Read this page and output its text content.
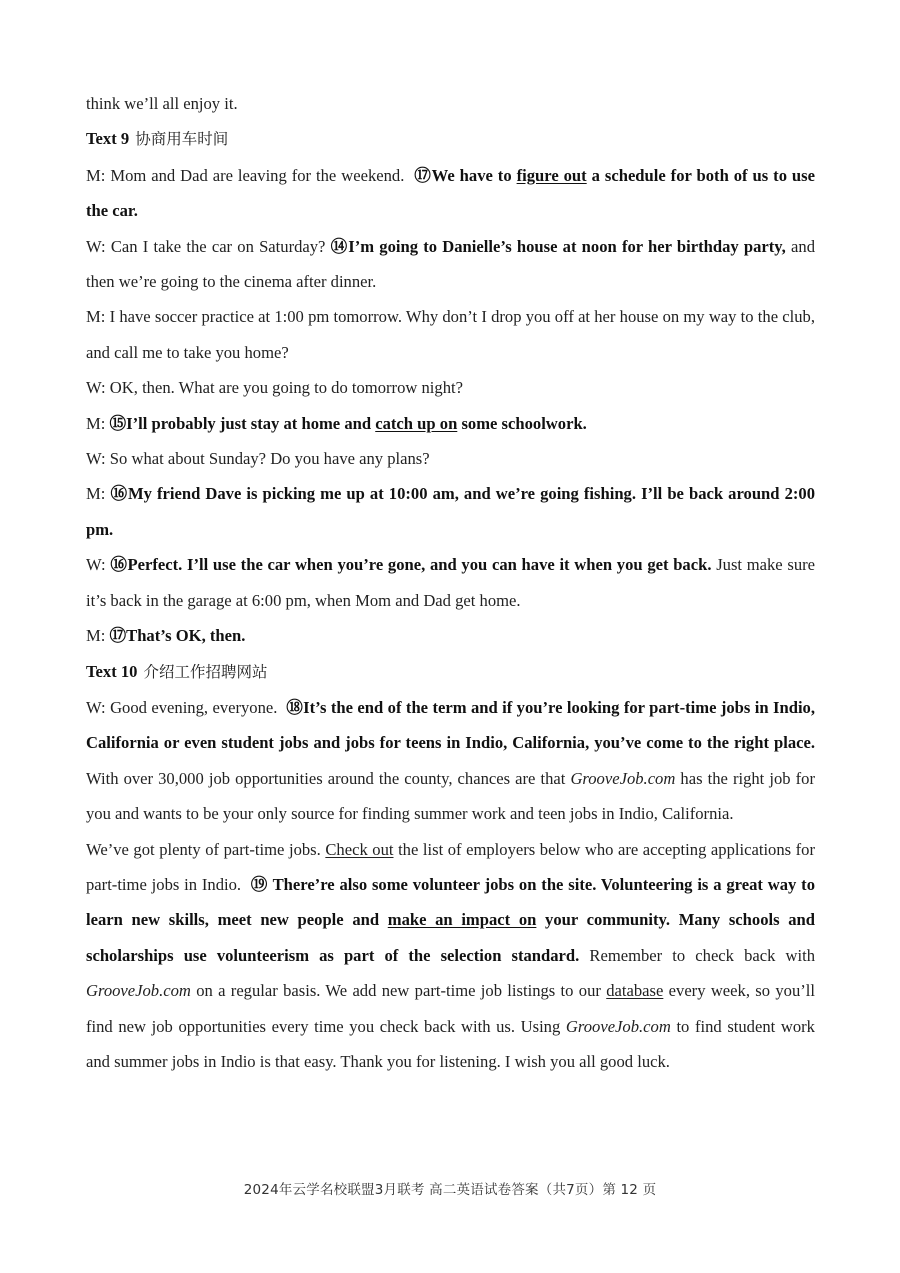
think we’ll all enjoy it.

Text 9 协商用车时间

M: Mom and Dad are leaving for the weekend. ⑰We have to figure out a schedule for both of us to use the car.

W: Can I take the car on Saturday? ⑭I’m going to Danielle’s house at noon for her birthday party, and then we’re going to the cinema after dinner.

M: I have soccer practice at 1:00 pm tomorrow. Why don’t I drop you off at her house on my way to the club, and call me to take you home?

W: OK, then. What are you going to do tomorrow night?

M: ⑮I’ll probably just stay at home and catch up on some schoolwork.

W: So what about Sunday? Do you have any plans?

M: ⑯My friend Dave is picking me up at 10:00 am, and we’re going fishing. I’ll be back around 2:00 pm.

W: ⑯Perfect. I’ll use the car when you’re gone, and you can have it when you get back. Just make sure it’s back in the garage at 6:00 pm, when Mom and Dad get home.

M: ⑰That’s OK, then.

Text 10 介绍工作招聘网站

W: Good evening, everyone. ⑱It’s the end of the term and if you’re looking for part-time jobs in Indio, California or even student jobs and jobs for teens in Indio, California, you’ve come to the right place. With over 30,000 job opportunities around the county, chances are that GrooveJob.com has the right job for you and wants to be your only source for finding summer work and teen jobs in Indio, California.

We’ve got plenty of part-time jobs. Check out the list of employers below who are accepting applications for part-time jobs in Indio. ⑲ There’re also some volunteer jobs on the site. Volunteering is a great way to learn new skills, meet new people and make an impact on your community. Many schools and scholarships use volunteerism as part of the selection standard. Remember to check back with GrooveJob.com on a regular basis. We add new part-time job listings to our database every week, so you’ll find new job opportunities every time you check back with us. Using GrooveJob.com to find student work and summer jobs in Indio is that easy. Thank you for listening. I wish you all good luck.

2024年云学名校联盟3月联考 高二英语试卷答案（共7页）第 12 页
